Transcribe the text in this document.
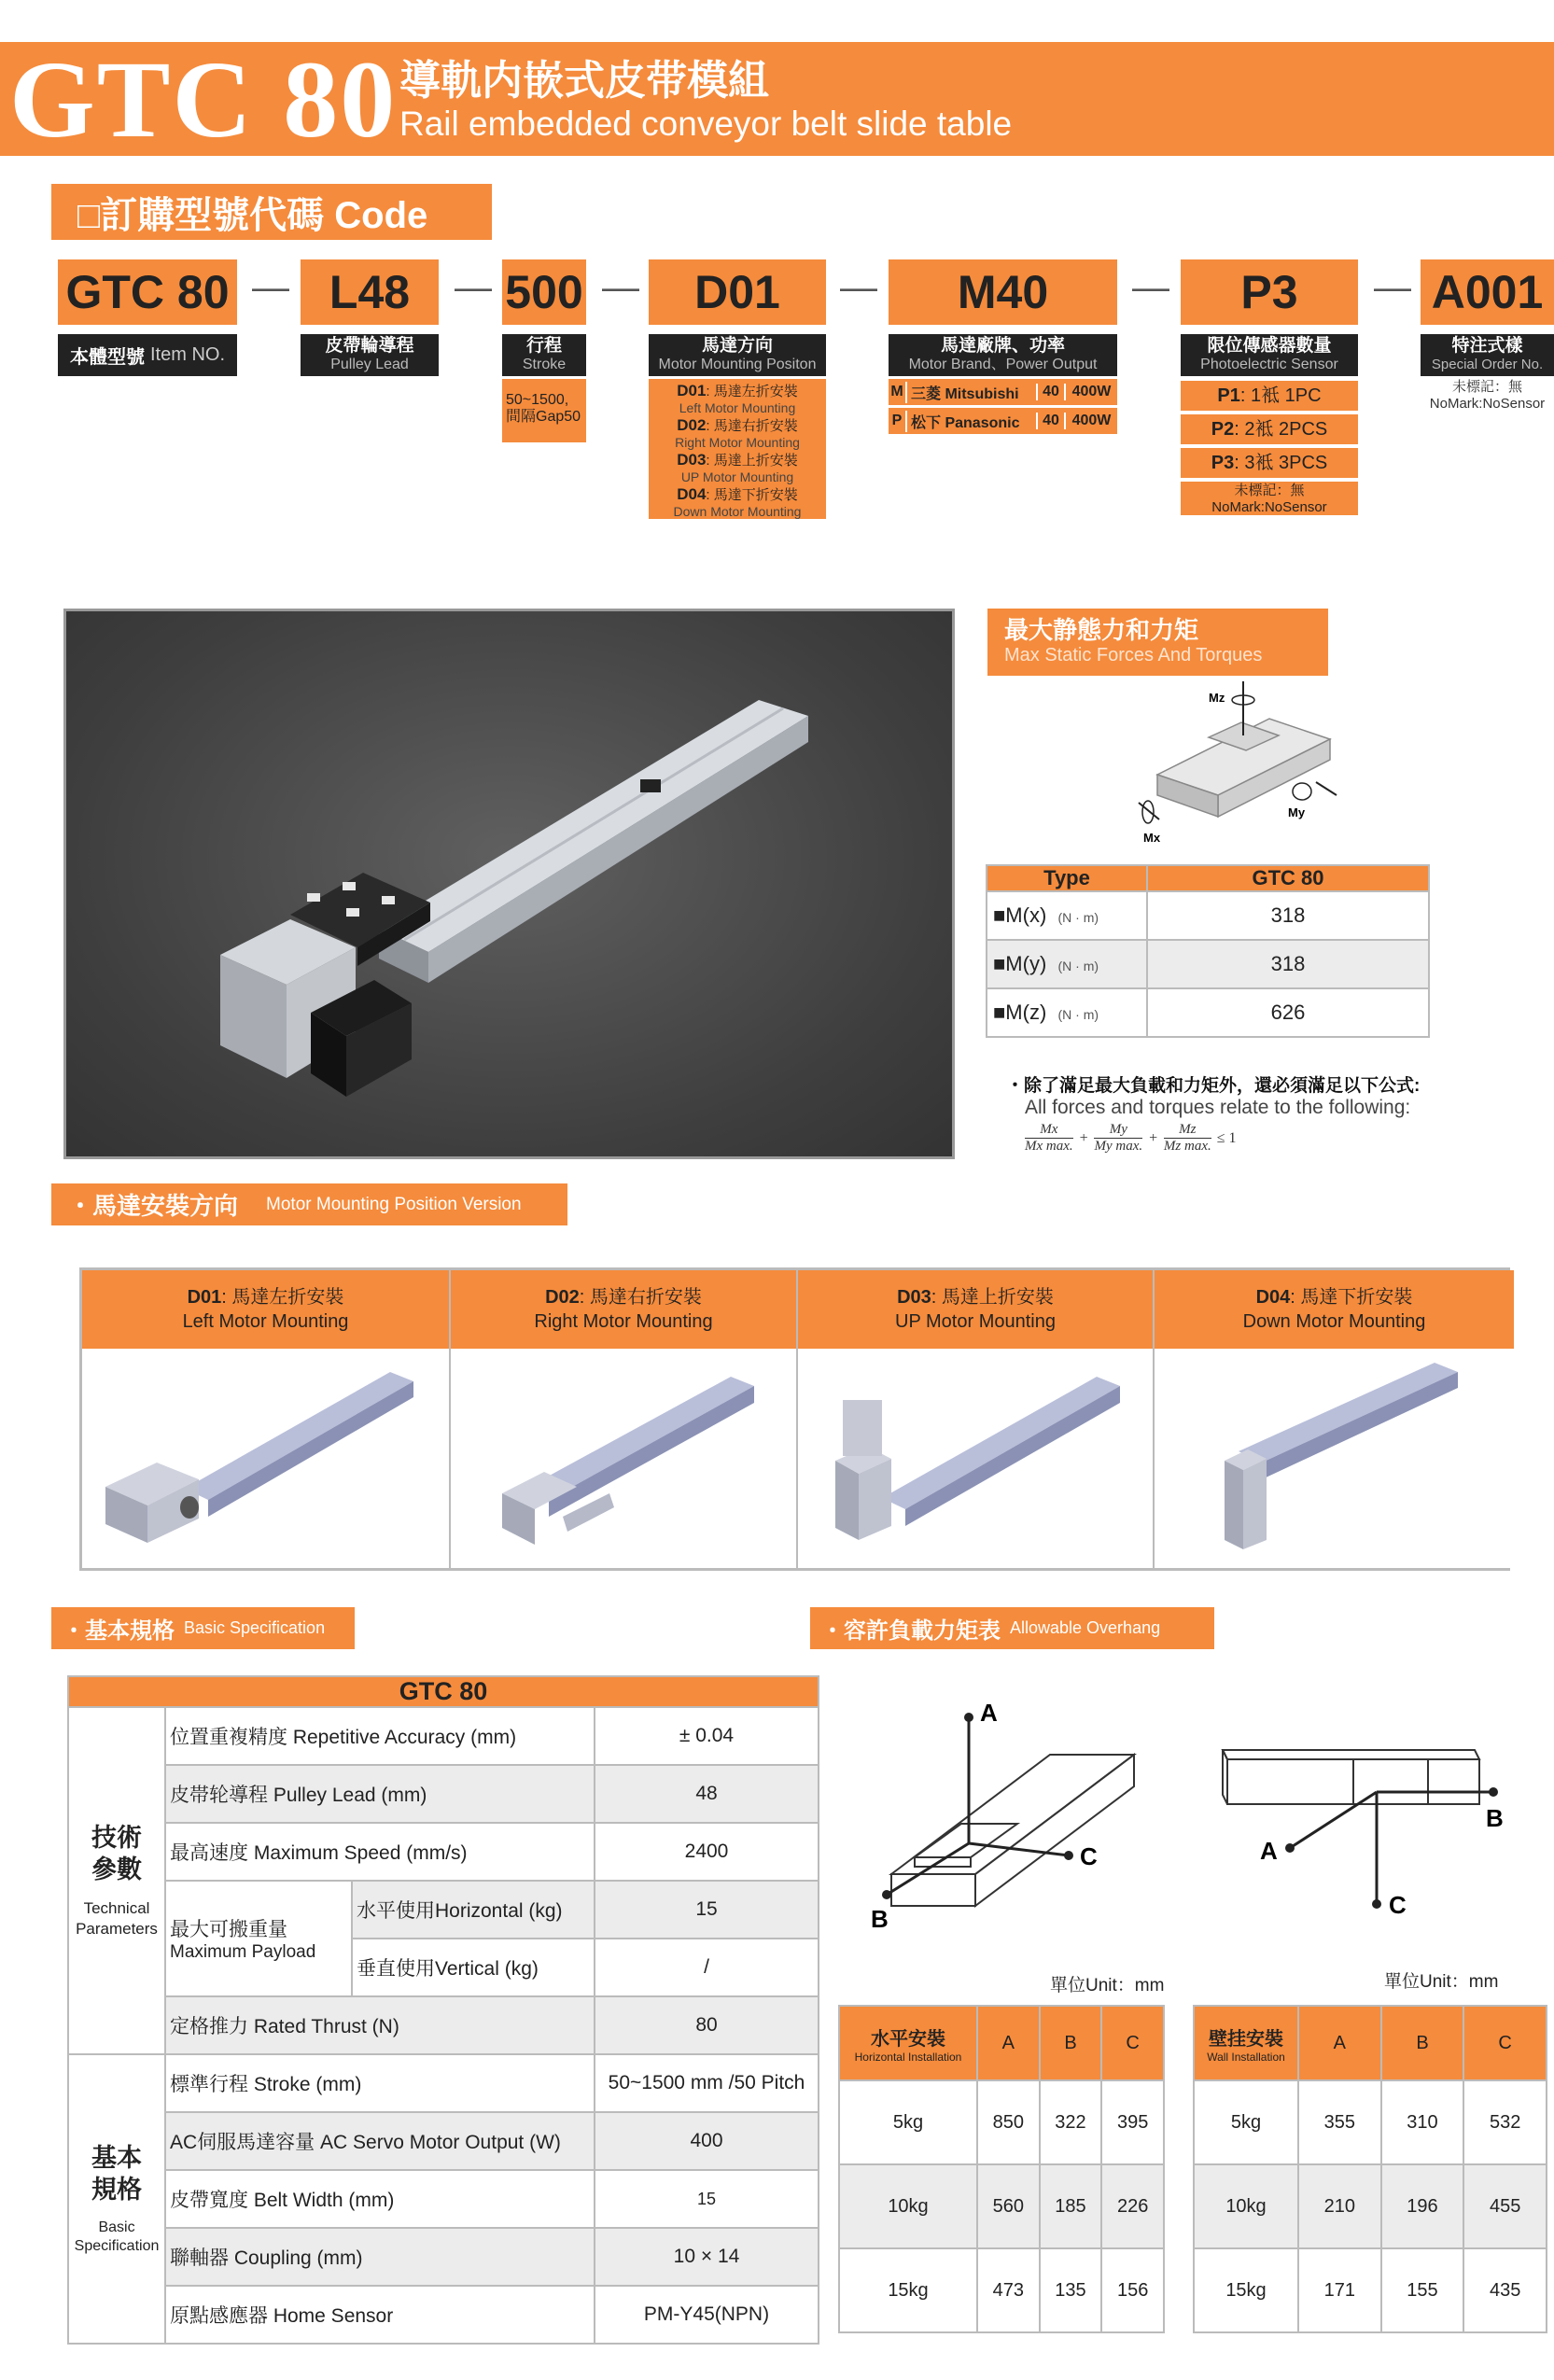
GTC 80 導軌内嵌式皮带模組
Rail embedded conveyor belt slide table
□訂購型號代碼 Code
GTC 80 — L48	— 500 —	D01	—	M40	—	P3	— A001
本體型號 Item NO.	皮帶輪導程
Pulley Lead
行程
Stroke
50~1500,
間隔Gap50
馬達方向
Motor Mounting Positon
D01: 馬達左折安裝
Left Motor Mounting
D02: 馬達右折安裝
Right Motor Mounting
D03: 馬達上折安裝
UP Motor Mounting
D04: 馬達下折安裝
Down Motor Mounting
馬達廠牌、功率
Motor Brand、Power Output
M 三菱 Mitsubishi	40 400W
P 松下 Panasonic	40 400W
限位傳感器數量
Photoelectric Sensor
P1: 1袛 1PC
P2: 2袛 2PCS
P3: 3袛 3PCS
未標記：無
NoMark:NoSensor
特注式樣
Special Order No.
未標記：無
NoMark:NoSensor
最大静態力和力矩
Max Static Forces And Torques
Mz
Mx
My
Type	GTC 80
■M(x) (N · m)	318
■M(y) (N · m)	318
■M(z) (N · m)	626
・除了滿足最大負載和力矩外，還必須滿足以下公式:
All forces and torques relate to the following:
Mx
Mx max.
+
My
My max.
+
Mz
Mz max.
≤ 1
・馬達安裝方向 Motor Mounting Position Version
D01: 馬達左折安裝
Left Motor Mounting
D02: 馬達右折安裝
Right Motor Mounting
D03: 馬達上折安裝
UP Motor Mounting
D04: 馬達下折安裝
Down Motor Mounting
・基本規格 Basic Specification
GTC 80			

技術
參數
Technical Parameters	位置重複精度 Repetitive Accuracy (mm)		± 0.04
	皮帯轮導程 Pulley Lead (mm)		48
	最高速度 Maximum Speed (mm/s)		2400

	最大可搬重量
Maximum Payload	水平使用Horizontal (kg)	15
		垂直使用Vertical (kg)	/
	定格推力 Rated Thrust (N)		80

基本
規格
Basic Specification	標準行程 Stroke (mm)		50~1500 mm /50 Pitch
	AC伺服馬達容量 AC Servo Motor Output (W)		400
	皮帶寬度 Belt Width (mm)		15
	聯軸器 Coupling (mm)		10 × 14
	原點感應器 Home Sensor		PM-Y45(NPN)
・容許負載力矩表 Allowable Overhang
A
C
B
B
C
A
單位Unit：mm	單位Unit：mm
水平安裝
Horizontal Installation	A	B	C
5kg	850	322	395
10kg	560	185	226
15kg	473	135	156
壁挂安裝
Wall Installation	A	B	C
5kg	355	310	532
10kg	210	196	455
15kg	171	155	435
